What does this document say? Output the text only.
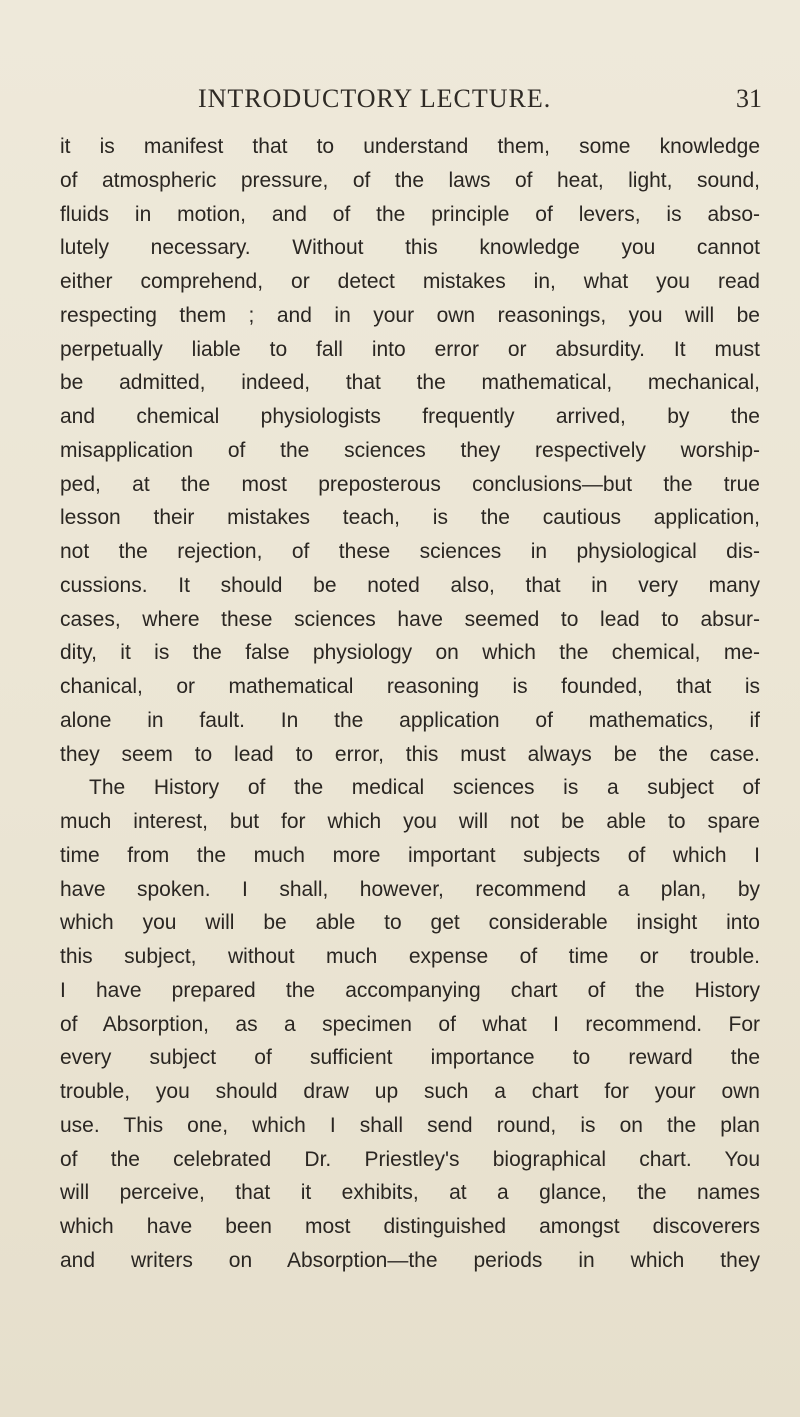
INTRODUCTORY LECTURE.	31
it is manifest that to understand them, some knowledge
of atmospheric pressure, of the laws of heat, light, sound,
fluids in motion, and of the principle of levers, is abso-
lutely necessary. Without this knowledge you cannot
either comprehend, or detect mistakes in, what you read
respecting them ; and in your own reasonings, you will be
perpetually liable to fall into error or absurdity. It must
be admitted, indeed, that the mathematical, mechanical,
and chemical physiologists frequently arrived, by the
misapplication of the sciences they respectively worship-
ped, at the most preposterous conclusions—but the true
lesson their mistakes teach, is the cautious application,
not the rejection, of these sciences in physiological dis-
cussions. It should be noted also, that in very many
cases, where these sciences have seemed to lead to absur-
dity, it is the false physiology on which the chemical, me-
chanical, or mathematical reasoning is founded, that is
alone in fault. In the application of mathematics, if
they seem to lead to error, this must always be the case.
The History of the medical sciences is a subject of
much interest, but for which you will not be able to spare
time from the much more important subjects of which I
have spoken. I shall, however, recommend a plan, by
which you will be able to get considerable insight into
this subject, without much expense of time or trouble.
I have prepared the accompanying chart of the History
of Absorption, as a specimen of what I recommend. For
every subject of sufficient importance to reward the
trouble, you should draw up such a chart for your own
use. This one, which I shall send round, is on the plan
of the celebrated Dr. Priestley's biographical chart. You
will perceive, that it exhibits, at a glance, the names
which have been most distinguished amongst discoverers
and writers on Absorption—the periods in which they
